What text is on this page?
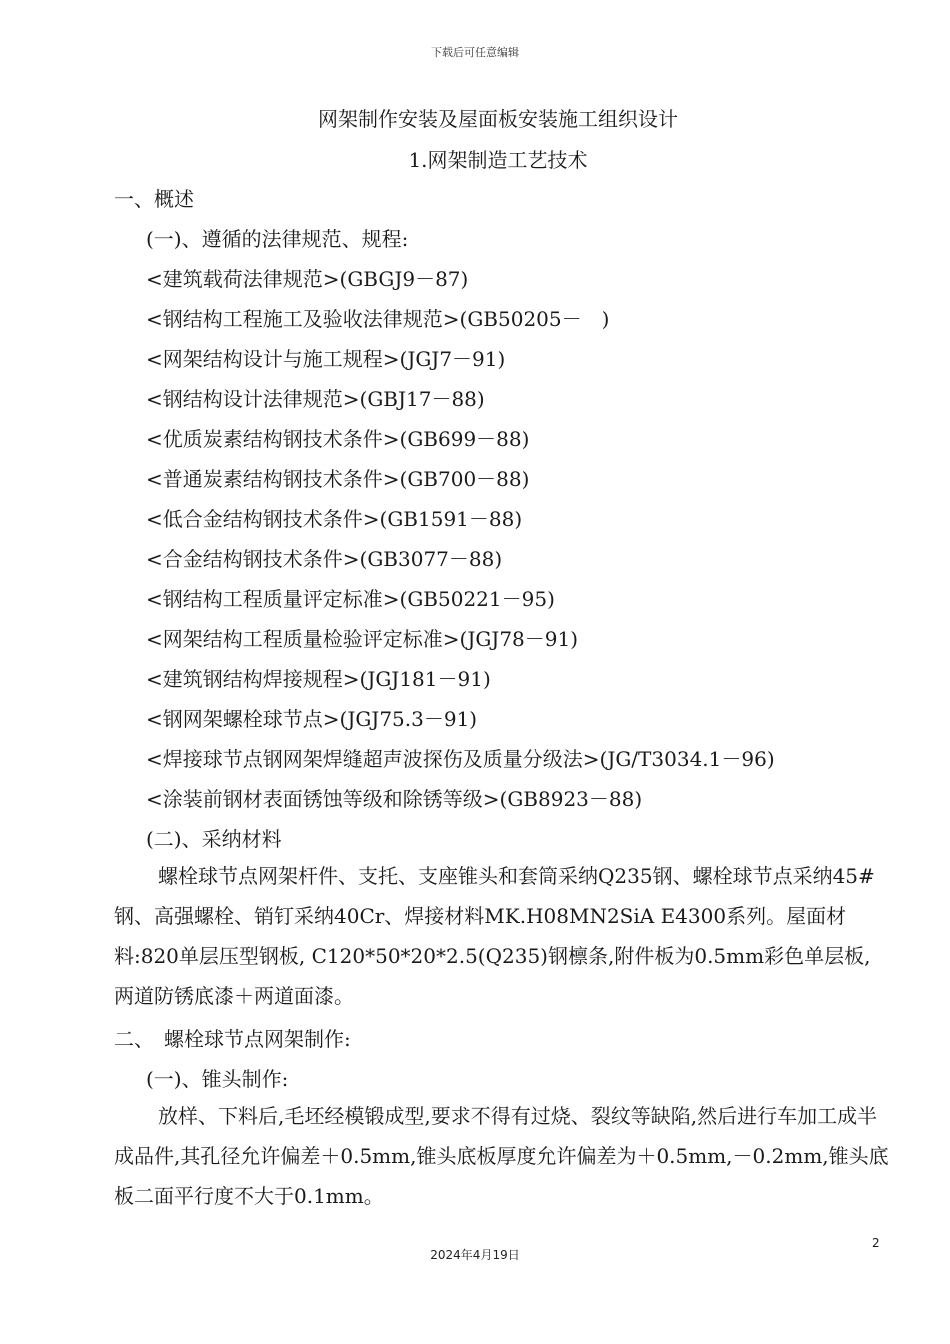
下载后可任意编辑
网架制作安装及屋面板安装施工组织设计
1.网架制造工艺技术
一、概述
(一)、遵循的法律规范、规程:
<建筑载荷法律规范>(GBGJ9－87)
<钢结构工程施工及验收法律规范>(GB50205－　)
<网架结构设计与施工规程>(JGJ7－91)
<钢结构设计法律规范>(GBJ17－88)
<优质炭素结构钢技术条件>(GB699－88)
<普通炭素结构钢技术条件>(GB700－88)
<低合金结构钢技术条件>(GB1591－88)
<合金结构钢技术条件>(GB3077－88)
<钢结构工程质量评定标准>(GB50221－95)
<网架结构工程质量检验评定标准>(JGJ78－91)
<建筑钢结构焊接规程>(JGJ181－91)
<钢网架螺栓球节点>(JGJ75.3－91)
<焊接球节点钢网架焊缝超声波探伤及质量分级法>(JG/T3034.1－96)
<涂装前钢材表面锈蚀等级和除锈等级>(GB8923－88)
(二)、采纳材料
螺栓球节点网架杆件、支托、支座锥头和套筒采纳Q235钢、螺栓球节点采纳45#钢、高强螺栓、销钉采纳40Cr、焊接材料MK.H08MN2SiA E4300系列。屋面材料:820单层压型钢板, C120*50*20*2.5(Q235)钢檩条,附件板为0.5mm彩色单层板,两道防锈底漆＋两道面漆。
二、　螺栓球节点网架制作:
(一)、锥头制作:
放样、下料后,毛坯经模锻成型,要求不得有过烧、裂纹等缺陷,然后进行车加工成半成品件,其孔径允许偏差＋0.5mm,锥头底板厚度允许偏差为＋0.5mm,－0.2mm,锥头底板二面平行度不大于0.1mm。
2
2024年4月19日
